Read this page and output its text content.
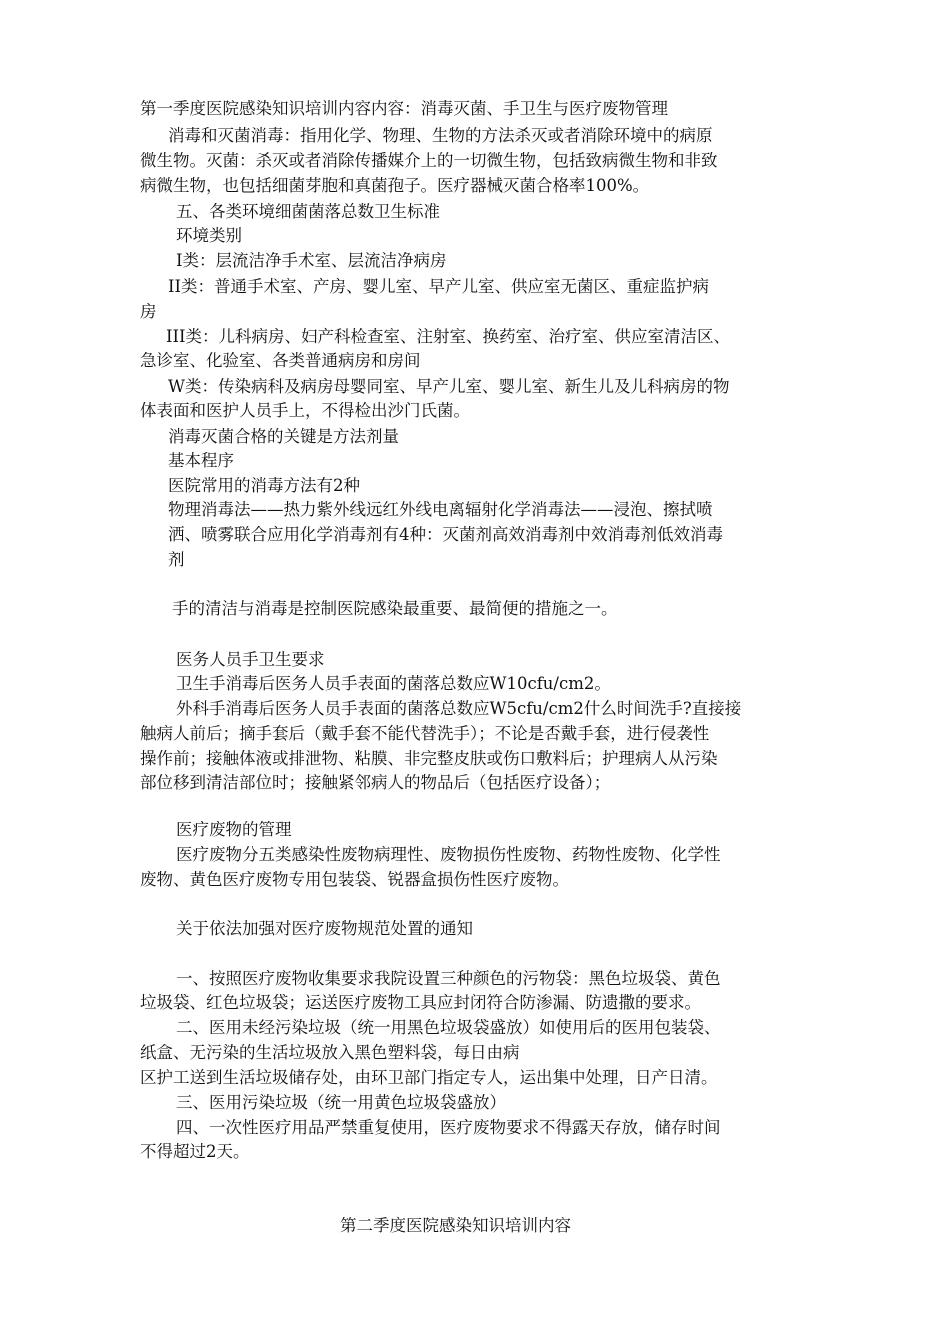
第一季度医院感染知识培训内容内容：消毒灭菌、手卫生与医疗废物管理
消毒和灭菌消毒：指用化学、物理、生物的方法杀灭或者消除环境中的病原
微生物。灭菌：杀灭或者消除传播媒介上的一切微生物，包括致病微生物和非致
病微生物，也包括细菌芽胞和真菌孢子。医疗器械灭菌合格率100%。
五、各类环境细菌菌落总数卫生标准
环境类别
I类：层流洁净手术室、层流洁净病房
II类：普通手术室、产房、婴儿室、早产儿室、供应室无菌区、重症监护病
房
III类：儿科病房、妇产科检查室、注射室、换药室、治疗室、供应室清洁区、
急诊室、化验室、各类普通病房和房间
W类：传染病科及病房母婴同室、早产儿室、婴儿室、新生儿及儿科病房的物
体表面和医护人员手上，不得检出沙门氏菌。
消毒灭菌合格的关键是方法剂量
基本程序
医院常用的消毒方法有2种
物理消毒法——热力紫外线远红外线电离辐射化学消毒法——浸泡、擦拭喷
洒、喷雾联合应用化学消毒剂有4种：灭菌剂高效消毒剂中效消毒剂低效消毒
剂
手的清洁与消毒是控制医院感染最重要、最简便的措施之一。
医务人员手卫生要求
卫生手消毒后医务人员手表面的菌落总数应W10cfu/cm2。
外科手消毒后医务人员手表面的菌落总数应W5cfu/cm2什么时间洗手?直接接
触病人前后；摘手套后（戴手套不能代替洗手）；不论是否戴手套，进行侵袭性
操作前；接触体液或排泄物、粘膜、非完整皮肤或伤口敷料后；护理病人从污染
部位移到清洁部位时；接触紧邻病人的物品后（包括医疗设备）；
医疗废物的管理
医疗废物分五类感染性废物病理性、废物损伤性废物、药物性废物、化学性
废物、黄色医疗废物专用包装袋、锐器盒损伤性医疗废物。
关于依法加强对医疗废物规范处置的通知
一、按照医疗废物收集要求我院设置三种颜色的污物袋：黑色垃圾袋、黄色
垃圾袋、红色垃圾袋；运送医疗废物工具应封闭符合防渗漏、防遗撒的要求。
二、医用未经污染垃圾（统一用黑色垃圾袋盛放）如使用后的医用包装袋、
纸盒、无污染的生活垃圾放入黑色塑料袋，每日由病
区护工送到生活垃圾储存处，由环卫部门指定专人，运出集中处理，日产日清。
三、医用污染垃圾（统一用黄色垃圾袋盛放）
四、一次性医疗用品严禁重复使用，医疗废物要求不得露天存放，储存时间
不得超过2天。
第二季度医院感染知识培训内容
